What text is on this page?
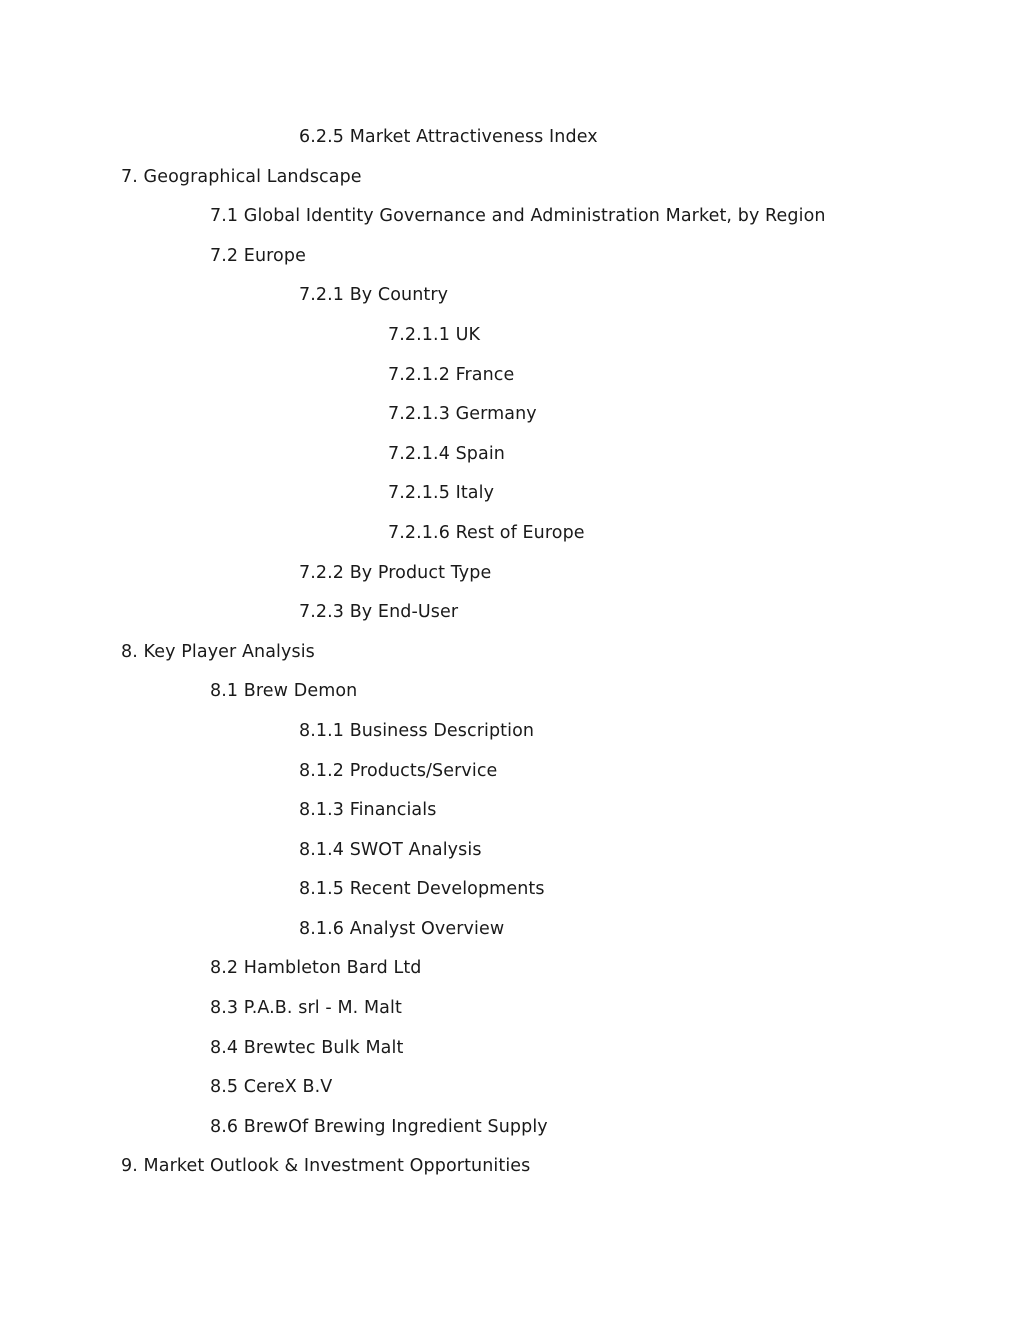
6.2.5 Market Attractiveness Index
7. Geographical Landscape
7.1 Global Identity Governance and Administration Market, by Region
7.2 Europe
7.2.1 By Country
7.2.1.1 UK
7.2.1.2 France
7.2.1.3 Germany
7.2.1.4 Spain
7.2.1.5 Italy
7.2.1.6 Rest of Europe
7.2.2 By Product Type
7.2.3 By End-User
8. Key Player Analysis
8.1 Brew Demon
8.1.1 Business Description
8.1.2 Products/Service
8.1.3 Financials
8.1.4 SWOT Analysis
8.1.5 Recent Developments
8.1.6 Analyst Overview
8.2 Hambleton Bard Ltd
8.3 P.A.B. srl - M. Malt
8.4 Brewtec Bulk Malt
8.5 CereX B.V
8.6 BrewOf Brewing Ingredient Supply
9. Market Outlook & Investment Opportunities
